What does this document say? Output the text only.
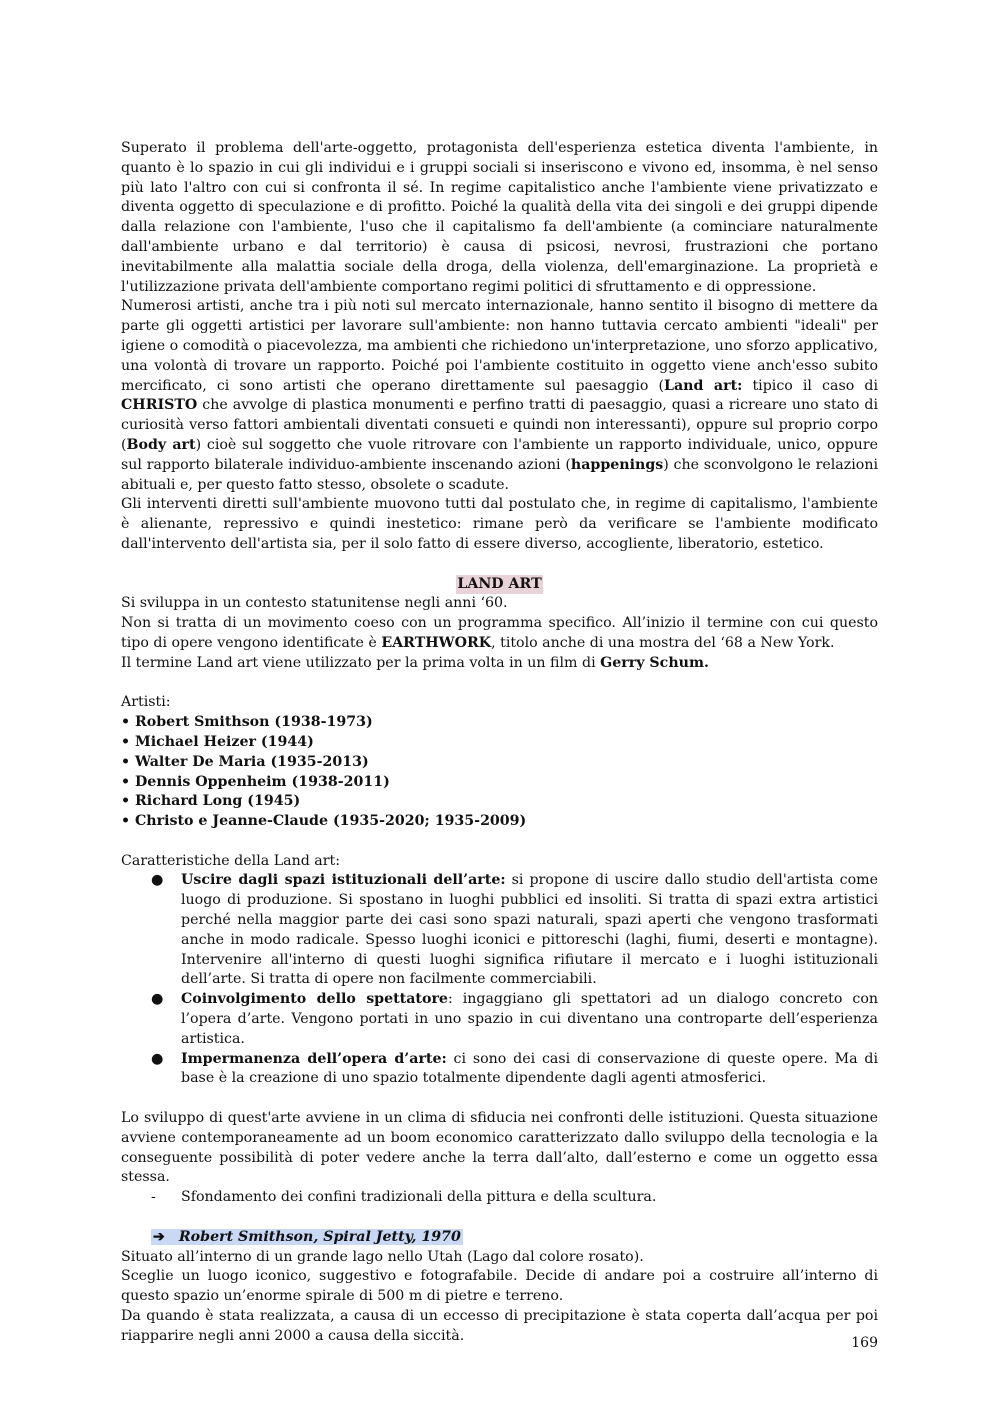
Superato il problema dell'arte-oggetto, protagonista dell'esperienza estetica diventa l'ambiente, in quanto è lo spazio in cui gli individui e i gruppi sociali si inseriscono e vivono ed, insomma, è nel senso più lato l'altro con cui si confronta il sé. In regime capitalistico anche l'ambiente viene privatizzato e diventa oggetto di speculazione e di profitto. Poiché la qualità della vita dei singoli e dei gruppi dipende dalla relazione con l'ambiente, l'uso che il capitalismo fa dell'ambiente (a cominciare naturalmente dall'ambiente urbano e dal territorio) è causa di psicosi, nevrosi, frustrazioni che portano inevitabilmente alla malattia sociale della droga, della violenza, dell'emarginazione. La proprietà e l'utilizzazione privata dell'ambiente comportano regimi politici di sfruttamento e di oppressione.

Numerosi artisti, anche tra i più noti sul mercato internazionale, hanno sentito il bisogno di mettere da parte gli oggetti artistici per lavorare sull'ambiente: non hanno tuttavia cercato ambienti "ideali" per igiene o comodità o piacevolezza, ma ambienti che richiedono un'interpretazione, uno sforzo applicativo, una volontà di trovare un rapporto. Poiché poi l'ambiente costituito in oggetto viene anch'esso subito mercificato, ci sono artisti che operano direttamente sul paesaggio (Land art: tipico il caso di CHRISTO che avvolge di plastica monumenti e perfino tratti di paesaggio, quasi a ricreare uno stato di curiosità verso fattori ambientali diventati consueti e quindi non interessanti), oppure sul proprio corpo (Body art) cioè sul soggetto che vuole ritrovare con l'ambiente un rapporto individuale, unico, oppure sul rapporto bilaterale individuo-ambiente inscenando azioni (happenings) che sconvolgono le relazioni abituali e, per questo fatto stesso, obsolete o scadute.

Gli interventi diretti sull'ambiente muovono tutti dal postulato che, in regime di capitalismo, l'ambiente è alienante, repressivo e quindi inestetico: rimane però da verificare se l'ambiente modificato dall'intervento dell'artista sia, per il solo fatto di essere diverso, accogliente, liberatorio, estetico.

LAND ART

Si sviluppa in un contesto statunitense negli anni ‘60.

Non si tratta di un movimento coeso con un programma specifico. All’inizio il termine con cui questo tipo di opere vengono identificate è EARTHWORK, titolo anche di una mostra del ‘68 a New York.

Il termine Land art viene utilizzato per la prima volta in un film di Gerry Schum.

Artisti:

• Robert Smithson (1938-1973)

• Michael Heizer (1944)

• Walter De Maria (1935-2013)

• Dennis Oppenheim (1938-2011)

• Richard Long (1945)

• Christo e Jeanne-Claude (1935-2020; 1935-2009)

Caratteristiche della Land art:

● Uscire dagli spazi istituzionali dell’arte: si propone di uscire dallo studio dell'artista come luogo di produzione. Si spostano in luoghi pubblici ed insoliti. Si tratta di spazi extra artistici perché nella maggior parte dei casi sono spazi naturali, spazi aperti che vengono trasformati anche in modo radicale. Spesso luoghi iconici e pittoreschi (laghi, fiumi, deserti e montagne). Intervenire all'interno di questi luoghi significa rifiutare il mercato e i luoghi istituzionali dell’arte. Si tratta di opere non facilmente commerciabili.
● Coinvolgimento dello spettatore: ingaggiano gli spettatori ad un dialogo concreto con l’opera d’arte. Vengono portati in uno spazio in cui diventano una controparte dell’esperienza artistica.
● Impermanenza dell’opera d’arte: ci sono dei casi di conservazione di queste opere. Ma di base è la creazione di uno spazio totalmente dipendente dagli agenti atmosferici.

Lo sviluppo di quest'arte avviene in un clima di sfiducia nei confronti delle istituzioni. Questa situazione avviene contemporaneamente ad un boom economico caratterizzato dallo sviluppo della tecnologia e la conseguente possibilità di poter vedere anche la terra dall’alto, dall’esterno e come un oggetto essa stessa.

- Sfondamento dei confini tradizionali della pittura e della scultura.

➔ Robert Smithson, Spiral Jetty, 1970

Situato all’interno di un grande lago nello Utah (Lago dal colore rosato).

Sceglie un luogo iconico, suggestivo e fotografabile. Decide di andare poi a costruire all’interno di questo spazio un’enorme spirale di 500 m di pietre e terreno.

Da quando è stata realizzata, a causa di un eccesso di precipitazione è stata coperta dall’acqua per poi riapparire negli anni 2000 a causa della siccità.	169
